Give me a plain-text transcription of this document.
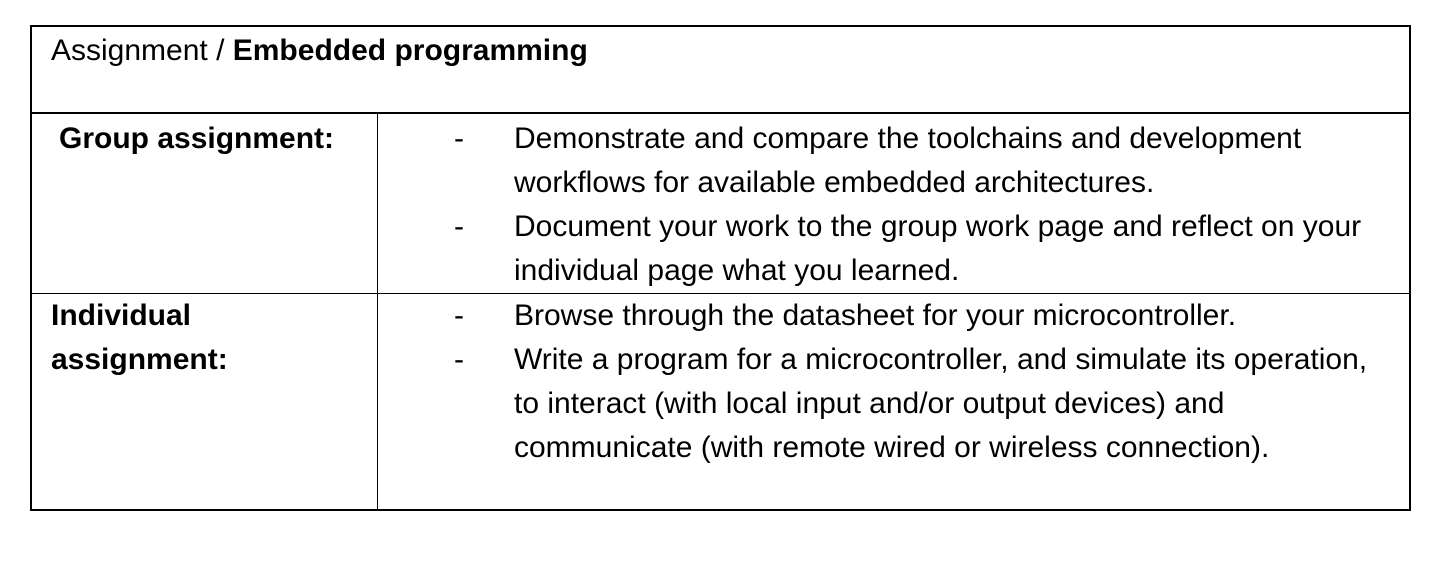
Assignment / Embedded programming
Group assignment:	- Demonstrate and compare the toolchains and development workflows for available embedded architectures.
- Document your work to the group work page and reflect on your individual page what you learned.
Individual assignment:
- Browse through the datasheet for your microcontroller.
- Write a program for a microcontroller, and simulate its operation, to interact (with local input and/or output devices) and communicate (with remote wired or wireless connection).
